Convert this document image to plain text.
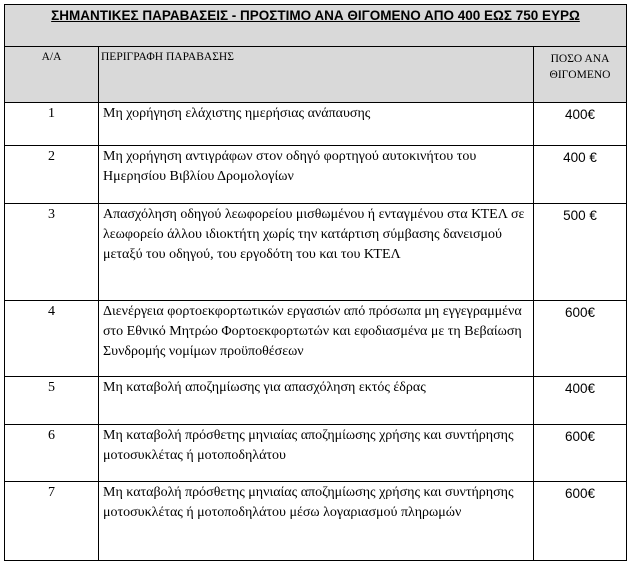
ΣΗΜΑΝΤΙΚΕΣ ΠΑΡΑΒΑΣΕΙΣ - ΠΡΟΣΤΙΜΟ ΑΝΑ ΘΙΓΟΜΕΝΟ ΑΠΟ 400 ΕΩΣ 750 ΕΥΡΩ		
Α/Α	ΠΕΡΙΓΡΑΦΗ ΠΑΡΑΒΑΣΗΣ	ΠΟΣΟ ΑΝΑ
ΘΙΓΟΜΕΝΟ

1	Μη χορήγηση ελάχιστης ημερήσιας ανάπαυσης	400€
2	Μη χορήγηση αντιγράφων στον οδηγό φορτηγού αυτοκινήτου του Ημερησίου Βιβλίου Δρομολογίων	400 €
3	Απασχόληση οδηγού λεωφορείου μισθωμένου ή ενταγμένου στα ΚΤΕΛ σε λεωφορείο άλλου ιδιοκτήτη χωρίς την κατάρτιση σύμβασης δανεισμού μεταξύ του οδηγού, του εργοδότη του και του ΚΤΕΛ	500 €
4	Διενέργεια φορτοεκφορτωτικών εργασιών από πρόσωπα μη εγγεγραμμένα στο Εθνικό Μητρώο Φορτοεκφορτωτών και εφοδιασμένα με τη Βεβαίωση Συνδρομής νομίμων προϋποθέσεων	600€
5	Μη καταβολή αποζημίωσης για απασχόληση εκτός έδρας	400€
6	Μη καταβολή πρόσθετης μηνιαίας αποζημίωσης χρήσης και συντήρησης μοτοσυκλέτας ή μοτοποδηλάτου	600€
7	Μη καταβολή πρόσθετης μηνιαίας αποζημίωσης χρήσης και συντήρησης μοτοσυκλέτας ή μοτοποδηλάτου μέσω λογαριασμού πληρωμών	600€
